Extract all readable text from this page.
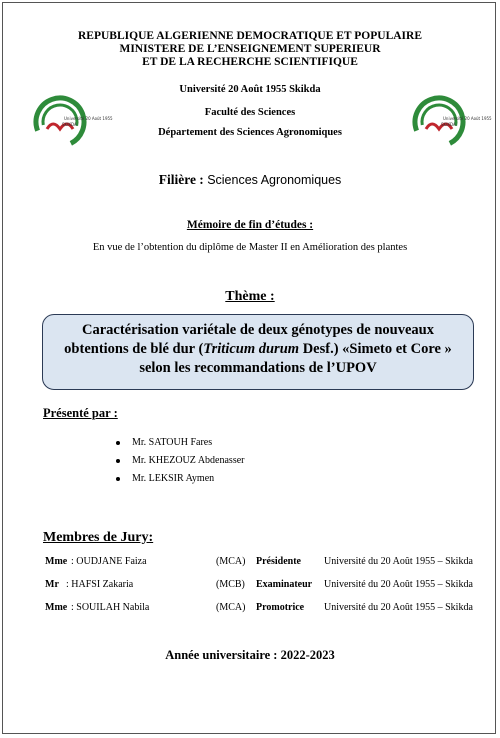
REPUBLIQUE ALGERIENNE DEMOCRATIQUE ET POPULAIRE
MINISTERE DE L’ENSEIGNEMENT SUPERIEUR
ET DE LA RECHERCHE SCIENTIFIQUE
Université 20 Août 1955
SKIKDA
Université 20 Août 1955
SKIKDA
Université 20 Août 1955 Skikda
Faculté des Sciences
Département des Sciences Agronomiques
Filière : Sciences Agronomiques
Mémoire de fin d’études :
En vue de l’obtention du diplôme de Master II en Amélioration des plantes
Thème :
Caractérisation variétale de deux génotypes de nouveaux
obtentions de blé dur (Triticum durum Desf.) «Simeto et Core »
selon les recommandations de l’UPOV
Présenté par :
Mr.
SATOUH Fares
Mr.
KHEZOUZ Abdenasser
Mr.
LEKSIR Aymen
Membres de Jury:
Mme : OUDJANE Faiza	(MCA) Présidente Université du 20 Août 1955 – Skikda
Mr : HAFSI Zakaria	(MCB) Examinateur Université du 20 Août 1955 – Skikda
Mme : SOUILAH Nabila	(MCA) Promotrice Université du 20 Août 1955 – Skikda
Année universitaire : 2022-2023
